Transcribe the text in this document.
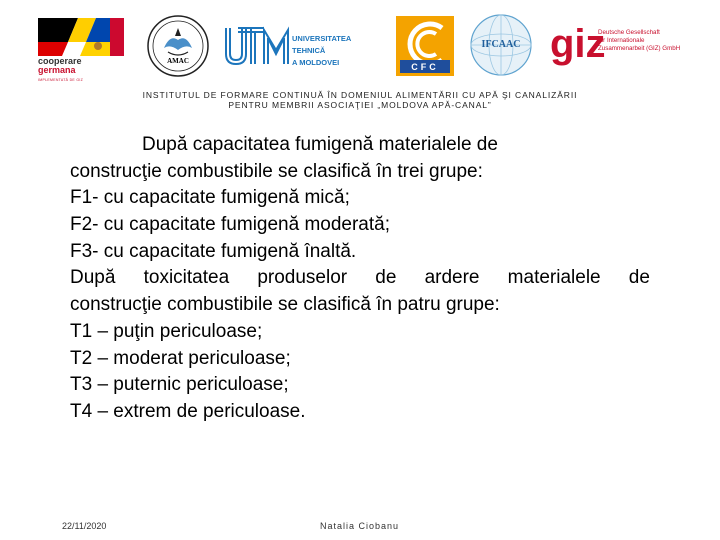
cooperare
germana
IMPLEMENTATĂ DE GIZ
AMAC
UNIVERSITATEA TEHNICĂ
A MOLDOVEI	CFC
IFCAAC giz
Deutsche Gesellschaft
für Internationale
Zusammenarbeit (GIZ) GmbH
INSTITUTUL DE FORMARE CONTINUĂ ÎN DOMENIUL ALIMENTĂRII CU APĂ ŞI CANALIZĂRII
PENTRU MEMBRII ASOCIAŢIEI „MOLDOVA APĂ-CANAL”
După capacitatea fumigenă materialele de
construcţie combustibile se clasifică în trei grupe:
F1- cu capacitate fumigenă mică;
F2- cu capacitate fumigenă moderată;
F3- cu capacitate fumigenă înaltă.
După toxicitatea produselor de ardere materialele de
construcţie combustibile se clasifică în patru grupe:
T1 – puţin periculoase;
T2 – moderat periculoase;
T3 – puternic periculoase;
T4 – extrem de periculoase.
22/11/2020	Natalia Ciobanu
